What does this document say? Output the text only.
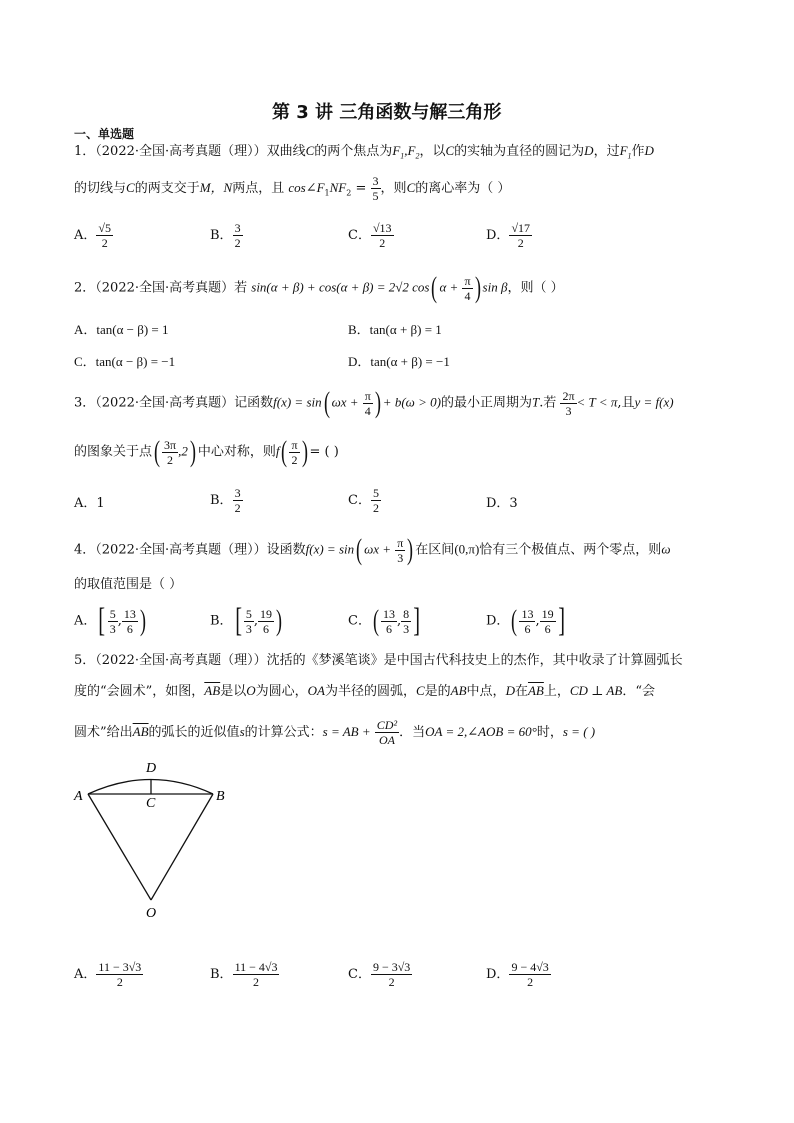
第 3 讲 三角函数与解三角形
一、单选题
1．（2022·全国·高考真题（理））双曲线C的两个焦点为$F_1,F_2$，以C的实轴为直径的圆记为D，过$F_1$作D
的切线与C的两支交于M，N两点，且 $\cos\angle F_1NF_2 = \frac{3}{5}$ ，则C的离心率为（ ）
A． $\frac{√5}{2}$	B． $\frac{3}{2}$	C． $\frac{√13}{2}$	D． $\frac{√17}{2}$
2．（2022·全国·高考真题）若 sin(α + β) + cos(α + β) = 2√2 cos( $\alpha + \frac{\pi}{4}$ ) sin β，则（ ）
A．tan(α − β) = 1	B．tan(α + β) = 1
C．tan(α − β) = −1	D．tan(α + β) = −1
3．（2022·全国·高考真题）记函数f(x) = sin( $\omega x + \frac{\pi}{4}$ ) + b(ω > 0)的最小正周期为T.若 $\frac{2\pi}{3} < T < \pi$,且y = f(x)
的图象关于点( $\frac{3\pi}{2} ,2$) 中心对称，则$f( \frac{\pi}{2}$ ) = ( )
A．1	B． $\frac{3}{2}$	C． $\frac{5}{2}$	D．3
4．（2022·全国·高考真题（理））设函数f(x) = sin( $\omega x + \frac{\pi}{3}$ ) 在区间(0,π)恰有三个极值点、两个零点，则ω
的取值范围是（ ）
A．[ $\frac{5}{3}$ , $\frac{13}{6}$ )	B．[ $\frac{5}{3}$ , $\frac{19}{6}$ )	C．( $\frac{13}{6}$ , $\frac{8}{3}$ ]	D．( $\frac{13}{6}$ , $\frac{19}{6}$ ]
5．（2022·全国·高考真题（理））沈括的《梦溪笔谈》是中国古代科技史上的杰作，其中收录了计算圆弧长
度的“会圆术”，如图，$\overline{AB}$是以O为圆心，OA为半径的圆弧，C是的AB中点，D在$\overline{AB}$上，CD ⊥ AB．“会
圆术”给出$\overline{AB}$的弧长的近似值s的计算公式：s = AB + $\frac{\text{CD²}}{OA}$ ．当OA = 2,∠AOB = 60°时，s = ( )
A	B
C
D
O
A． $\frac{11 - 3√3}{2}$	B． $\frac{11 - 4√3}{2}$	C． $\frac{9 - 3√3}{2}$	D． $\frac{9 - 4√3}{2}$
